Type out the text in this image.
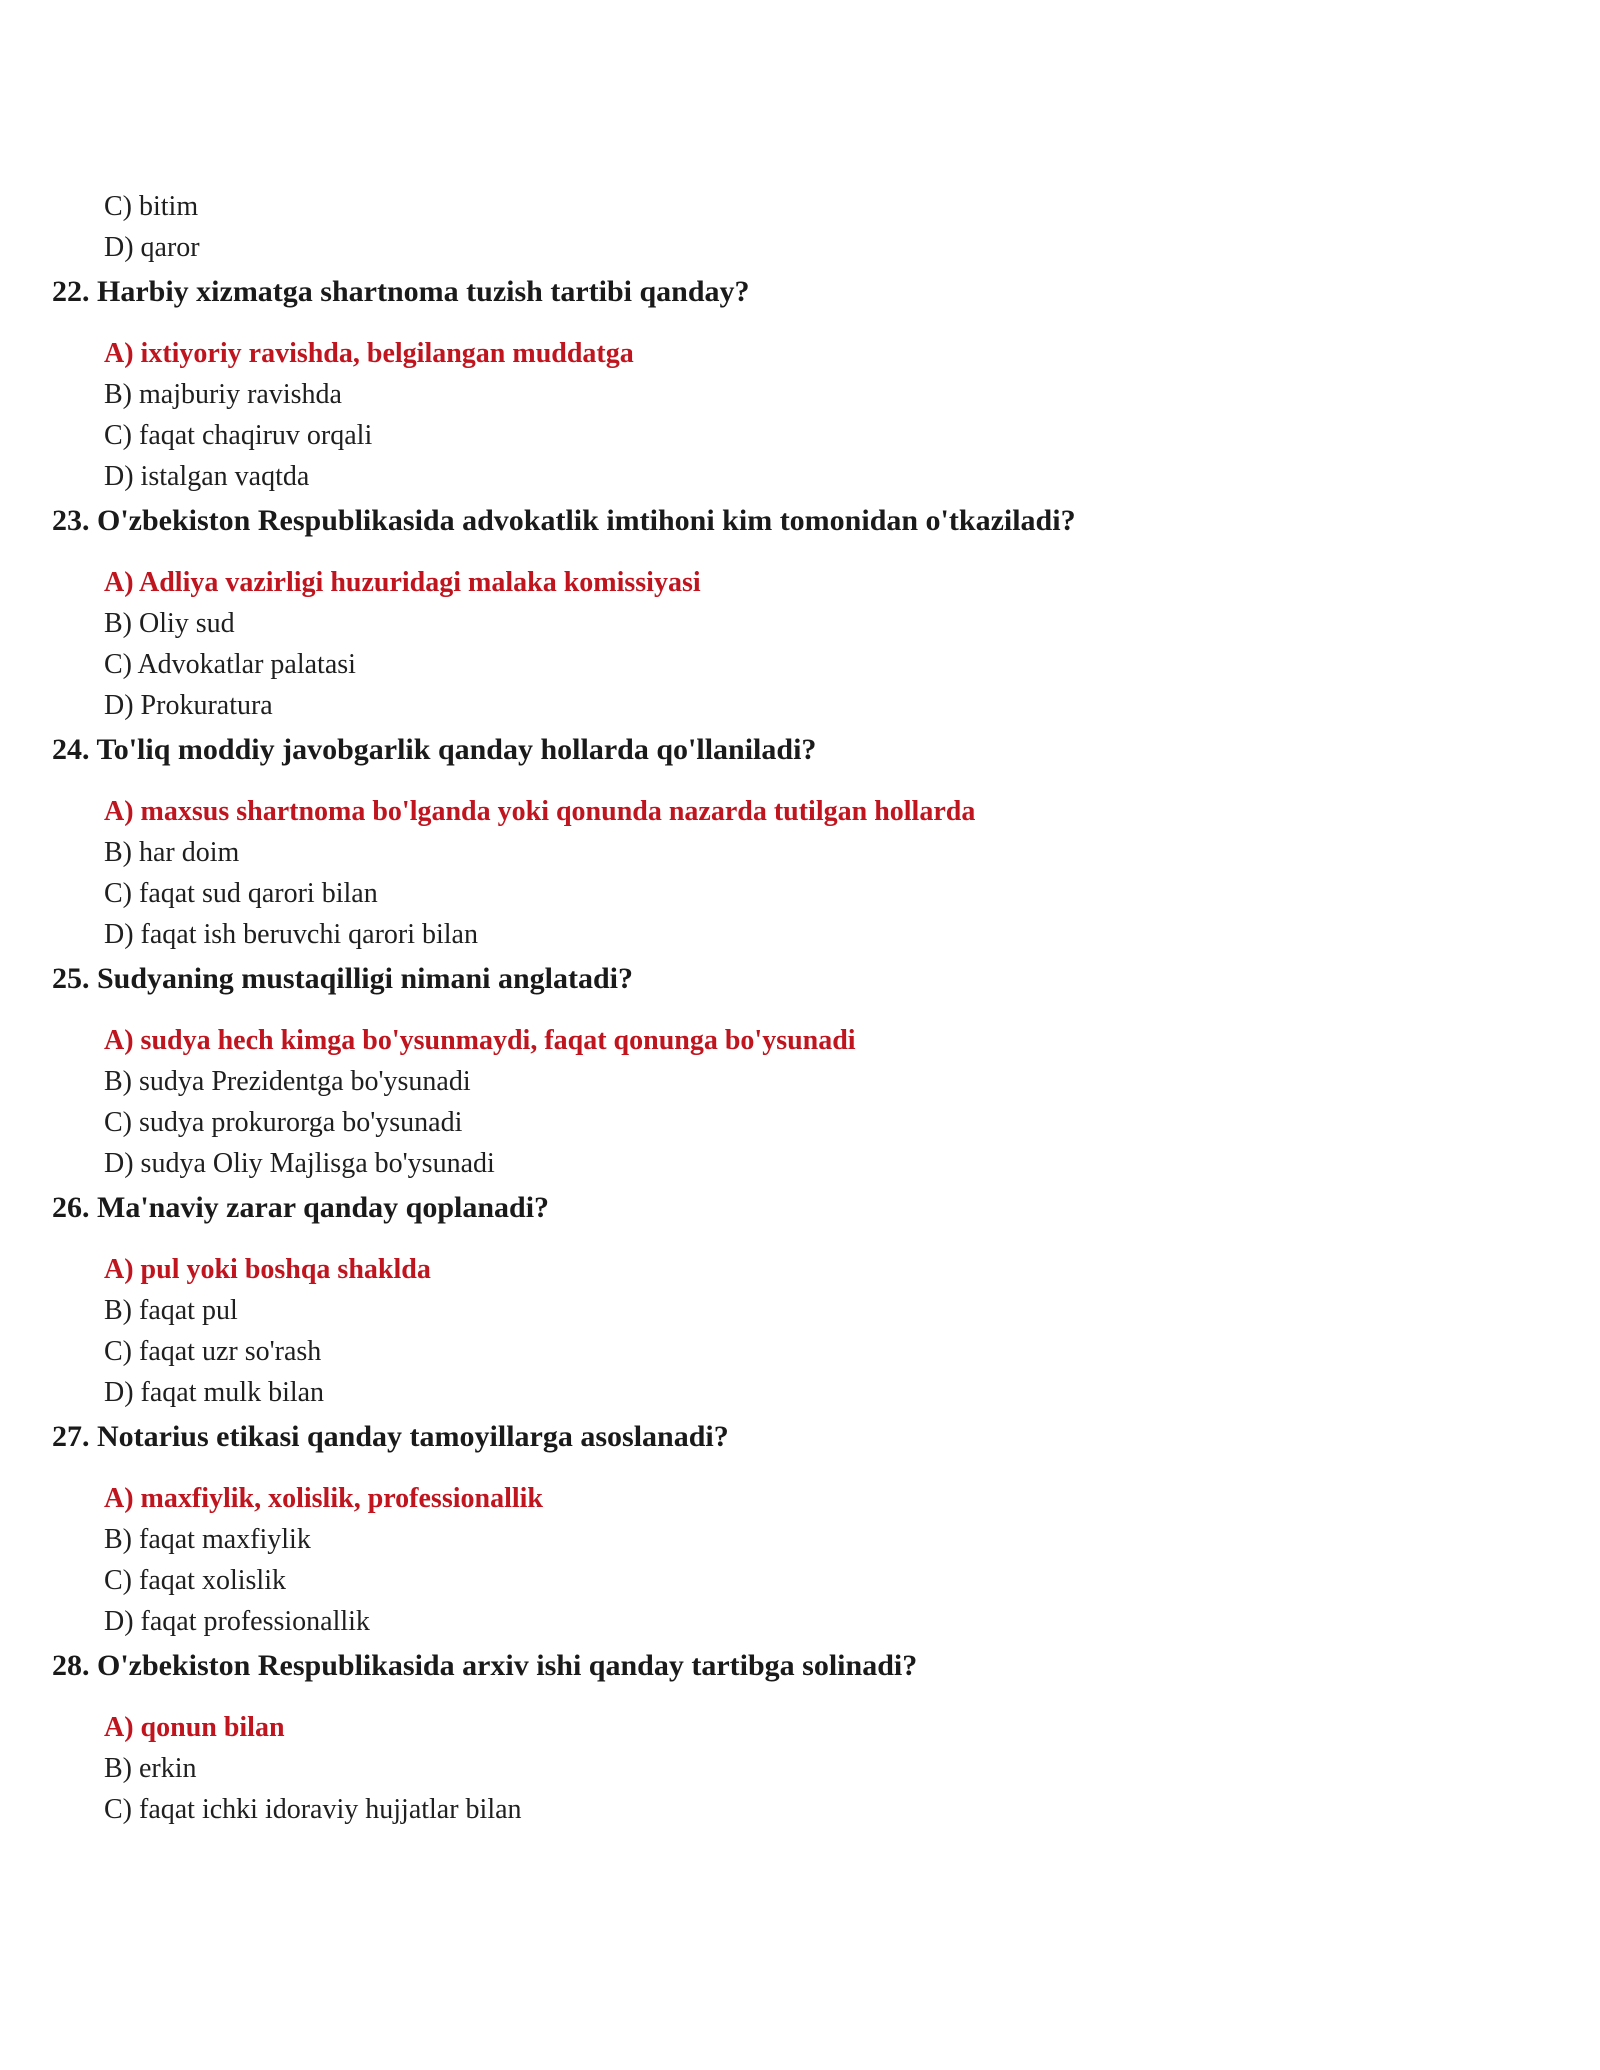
C) bitim
D) qaror
22. Harbiy xizmatga shartnoma tuzish tartibi qanday?
A) ixtiyoriy ravishda, belgilangan muddatga
B) majburiy ravishda
C) faqat chaqiruv orqali
D) istalgan vaqtda
23. O'zbekiston Respublikasida advokatlik imtihoni kim tomonidan o'tkaziladi?
A) Adliya vazirligi huzuridagi malaka komissiyasi
B) Oliy sud
C) Advokatlar palatasi
D) Prokuratura
24. To'liq moddiy javobgarlik qanday hollarda qo'llaniladi?
A) maxsus shartnoma bo'lganda yoki qonunda nazarda tutilgan hollarda
B) har doim
C) faqat sud qarori bilan
D) faqat ish beruvchi qarori bilan
25. Sudyaning mustaqilligi nimani anglatadi?
A) sudya hech kimga bo'ysunmaydi, faqat qonunga bo'ysunadi
B) sudya Prezidentga bo'ysunadi
C) sudya prokurorga bo'ysunadi
D) sudya Oliy Majlisga bo'ysunadi
26. Ma'naviy zarar qanday qoplanadi?
A) pul yoki boshqa shaklda
B) faqat pul
C) faqat uzr so'rash
D) faqat mulk bilan
27. Notarius etikasi qanday tamoyillarga asoslanadi?
A) maxfiylik, xolislik, professionallik
B) faqat maxfiylik
C) faqat xolislik
D) faqat professionallik
28. O'zbekiston Respublikasida arxiv ishi qanday tartibga solinadi?
A) qonun bilan
B) erkin
C) faqat ichki idoraviy hujjatlar bilan
